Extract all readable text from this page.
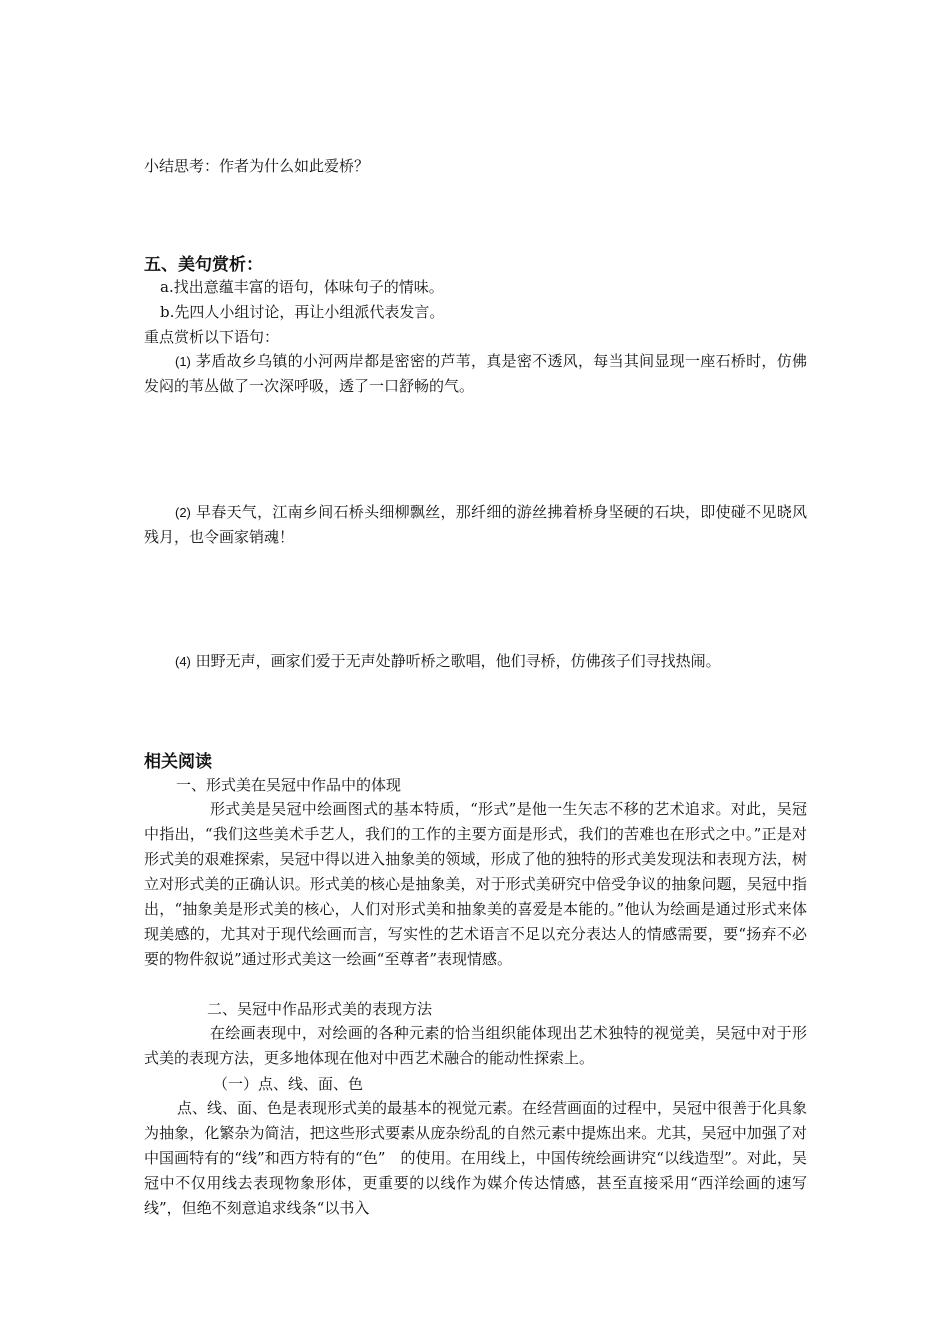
小结思考：作者为什么如此爱桥？
五、美句赏析：
a.找出意蕴丰富的语句，体味句子的情味。
b.先四人小组讨论，再让小组派代表发言。
重点赏析以下语句：
(1) 茅盾故乡乌镇的小河两岸都是密密的芦苇，真是密不透风，每当其间显现一座石桥时，仿佛发闷的苇丛做了一次深呼吸，透了一口舒畅的气。
(2) 早春天气，江南乡间石桥头细柳飘丝，那纤细的游丝拂着桥身坚硬的石块，即使碰不见晓风残月，也令画家销魂！
(4) 田野无声，画家们爱于无声处静听桥之歌唱，他们寻桥，仿佛孩子们寻找热闹。
相关阅读
一、形式美在吴冠中作品中的体现
形式美是吴冠中绘画图式的基本特质，“形式”是他一生矢志不移的艺术追求。对此，吴冠中指出，“我们这些美术手艺人，我们的工作的主要方面是形式，我们的苦难也在形式之中。”正是对形式美的艰难探索，吴冠中得以进入抽象美的领域，形成了他的独特的形式美发现法和表现方法，树立对形式美的正确认识。形式美的核心是抽象美，对于形式美研究中倍受争议的抽象问题，吴冠中指出，“抽象美是形式美的核心，人们对形式美和抽象美的喜爱是本能的。”他认为绘画是通过形式来体现美感的，尤其对于现代绘画而言，写实性的艺术语言不足以充分表达人的情感需要，要“扬弃不必要的物件叙说”通过形式美这一绘画“至尊者”表现情感。
二、吴冠中作品形式美的表现方法
在绘画表现中，对绘画的各种元素的恰当组织能体现出艺术独特的视觉美，吴冠中对于形式美的表现方法，更多地体现在他对中西艺术融合的能动性探索上。
（一）点、线、面、色
点、线、面、色是表现形式美的最基本的视觉元素。在经营画面的过程中，吴冠中很善于化具象为抽象，化繁杂为简洁，把这些形式要素从庞杂纷乱的自然元素中提炼出来。尤其，吴冠中加强了对中国画特有的“线”和西方特有的“色”　的使用。在用线上，中国传统绘画讲究“以线造型”。对此，吴冠中不仅用线去表现物象形体，更重要的以线作为媒介传达情感，甚至直接采用“西洋绘画的速写线”，但绝不刻意追求线条“以书入
